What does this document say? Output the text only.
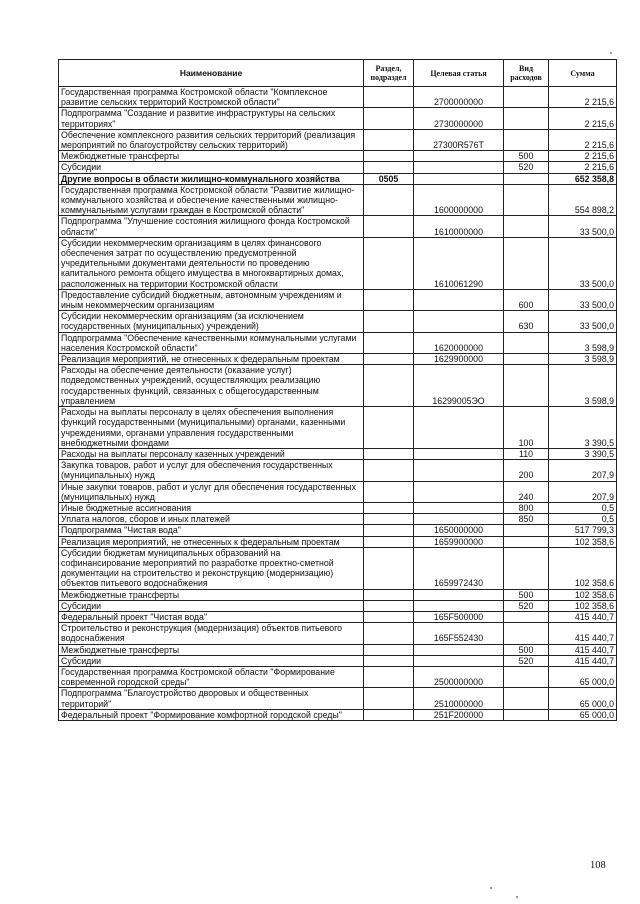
Наименование	Раздел, подраздел	Целевая статья	Вид расходов	Сумма
Государственная программа Костромской области "Комплексное развитие сельских территорий Костромской области"		2700000000		2 215,6
Подпрограмма "Создание и развитие инфраструктуры на сельских территориях"		2730000000		2 215,6
Обеспечение комплексного развития сельских территорий (реализация мероприятий по благоустройству сельских территорий)		27300R576T		2 215,6
Межбюджетные трансферты			500	2 215,6
Субсидии			520	2 215,6
Другие вопросы в области жилищно-коммунального хозяйства	0505			652 358,8
Государственная программа Костромской области "Развитие жилищно-коммунального хозяйства и обеспечение качественными жилищно-коммунальными услугами граждан в Костромской области"		1600000000		554 898,2
Подпрограмма "Улучшение состояния жилищного фонда Костромской области"		1610000000		33 500,0
Субсидии некоммерческим организациям в целях финансового обеспечения затрат по осуществлению предусмотренной учредительными документами деятельности по проведению капитального ремонта общего имущества в многоквартирных домах, расположенных на территории Костромской области		1610061290		33 500,0
Предоставление субсидий бюджетным, автономным учреждениям и иным некоммерческим организациям			600	33 500,0
Субсидии некоммерческим организациям (за исключением государственных (муниципальных) учреждений)			630	33 500,0
Подпрограмма "Обеспечение качественными коммунальными услугами населения Костромской области"		1620000000		3 598,9
Реализация мероприятий, не отнесенных к федеральным проектам		1629900000		3 598,9
Расходы на обеспечение деятельности (оказание услуг) подведомственных учреждений, осуществляющих реализацию государственных функций, связанных с общегосударственным управлением		16299005ЭО		3 598,9
Расходы на выплаты персоналу в целях обеспечения выполнения функций государственными (муниципальными) органами, казенными учреждениями, органами управления государственными внебюджетными фондами			100	3 390,5
Расходы на выплаты персоналу казенных учреждений			110	3 390,5
Закупка товаров, работ и услуг для обеспечения государственных (муниципальных) нужд			200	207,9
Иные закупки товаров, работ и услуг для обеспечения государственных (муниципальных) нужд			240	207,9
Иные бюджетные ассигнования			800	0,5
Уплата налогов, сборов и иных платежей			850	0,5
Подпрограмма "Чистая вода"		1650000000		517 799,3
Реализация мероприятий, не отнесенных к федеральным проектам		1659900000		102 358,6
Субсидии бюджетам муниципальных образований на софинансирование мероприятий по разработке проектно-сметной документации на строительство и реконструкцию (модернизацию) объектов питьевого водоснабжения		1659972430		102 358,6
Межбюджетные трансферты			500	102 358,6
Субсидии			520	102 358,6
Федеральный проект "Чистая вода"		165F500000		415 440,7
Строительство и реконструкция (модернизация) объектов питьевого водоснабжения		165F552430		415 440,7
Межбюджетные трансферты			500	415 440,7
Субсидии			520	415 440,7
Государственная программа Костромской области "Формирование современной городской среды"		2500000000		65 000,0
Подпрограмма "Благоустройство дворовых и общественных территорий"		2510000000		65 000,0
Федеральный проект "Формирование комфортной городской среды"		251F200000		65 000,0
108
